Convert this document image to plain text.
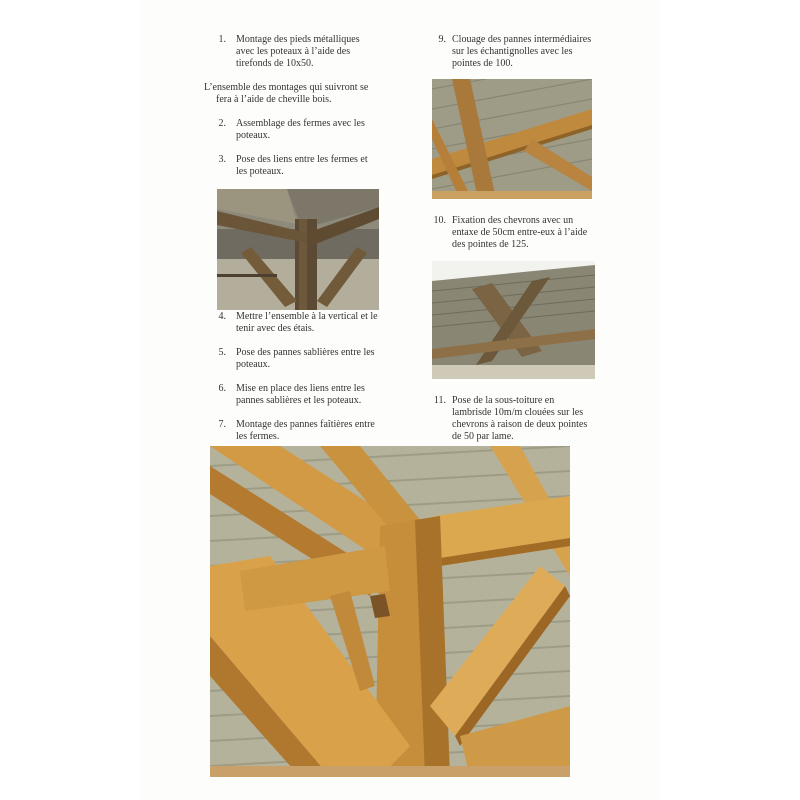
1. Montage des pieds métalliques
avec les poteaux à l’aide des
tirefonds de 10x50.
L’ensemble des montages qui suivront se
fera à l’aide de cheville bois.
2. Assemblage des fermes avec les
poteaux.
3. Pose des liens entre les fermes et
les poteaux.
4. Mettre l’ensemble à la vertical et le
tenir avec des étais.
5. Pose des pannes sablières entre les
poteaux.
6. Mise en place des liens entre les
pannes sablières et les poteaux.
7. Montage des pannes faîtières entre
les fermes.
9. Clouage des pannes intermédiaires
sur les échantignolles avec les
pointes de 100.
10. Fixation des chevrons avec un
entaxe de 50cm entre-eux à l’aide
des pointes de 125.
11. Pose de la sous-toiture en
lambrisde 10m/m clouées sur les
chevrons à raison de deux pointes
de 50 par lame.
